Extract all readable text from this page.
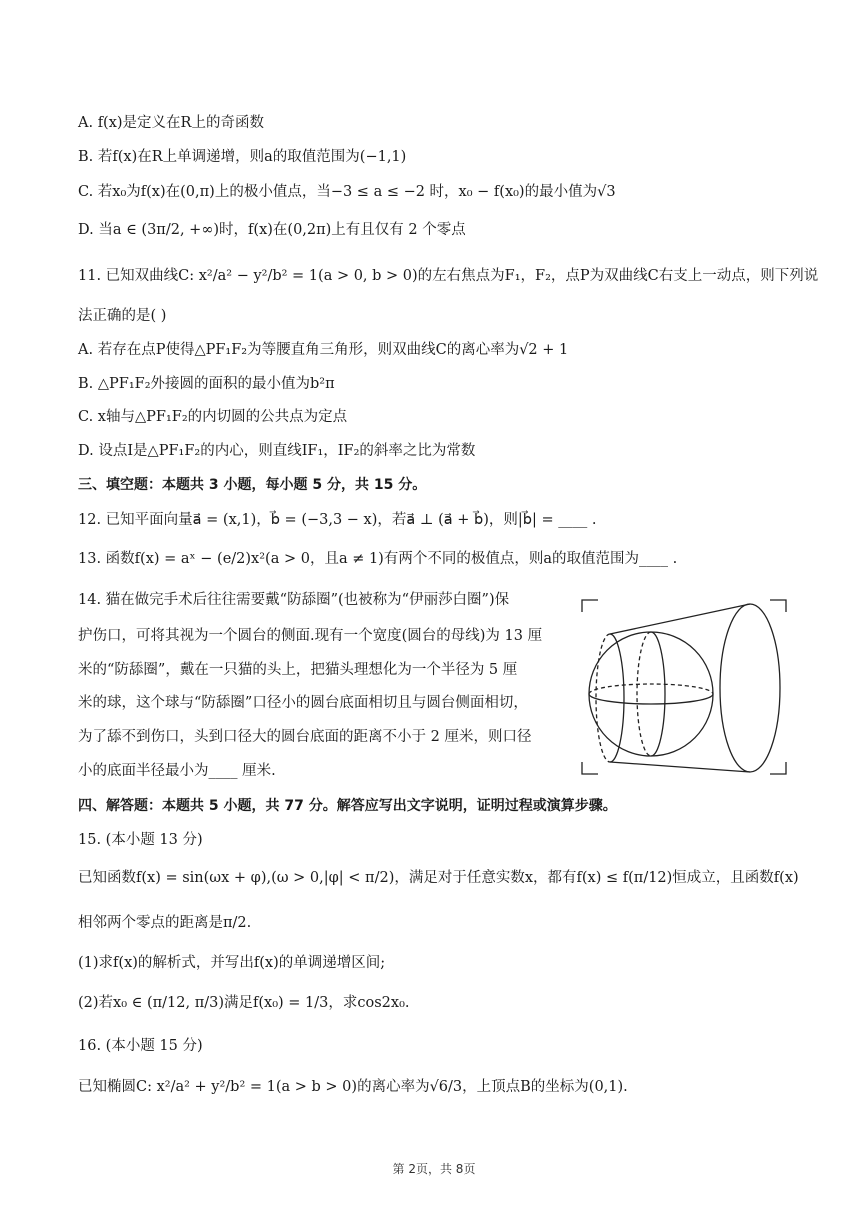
A. f(x)是定义在R上的奇函数
B. 若f(x)在R上单调递增，则a的取值范围为(−1,1)
C. 若x₀为f(x)在(0,π)上的极小值点，当−3 ≤ a ≤ −2 时，x₀ − f(x₀)的最小值为√3
D. 当a ∈ (3π/2, +∞)时，f(x)在(0,2π)上有且仅有 2 个零点
11. 已知双曲线C: x²/a² − y²/b² = 1(a > 0, b > 0)的左右焦点为F₁，F₂，点P为双曲线C右支上一动点，则下列说
法正确的是( )
A. 若存在点P使得△PF₁F₂为等腰直角三角形，则双曲线C的离心率为√2 + 1
B. △PF₁F₂外接圆的面积的最小值为b²π
C. x轴与△PF₁F₂的内切圆的公共点为定点
D. 设点I是△PF₁F₂的内心，则直线IF₁，IF₂的斜率之比为常数
三、填空题：本题共 3 小题，每小题 5 分，共 15 分。
12. 已知平面向量a⃗ = (x,1)，b⃗ = (−3,3 − x)，若a⃗ ⊥ (a⃗ + b⃗)，则|b⃗| = ____ .
13. 函数f(x) = aˣ − (e/2)x²(a > 0，且a ≠ 1)有两个不同的极值点，则a的取值范围为____ .
14. 猫在做完手术后往往需要戴“防舔圈”(也被称为“伊丽莎白圈”)保
护伤口，可将其视为一个圆台的侧面.现有一个宽度(圆台的母线)为 13 厘
米的“防舔圈”，戴在一只猫的头上，把猫头理想化为一个半径为 5 厘
米的球，这个球与“防舔圈”口径小的圆台底面相切且与圆台侧面相切，
为了舔不到伤口，头到口径大的圆台底面的距离不小于 2 厘米，则口径
小的底面半径最小为____ 厘米.
四、解答题：本题共 5 小题，共 77 分。解答应写出文字说明，证明过程或演算步骤。
15. (本小题 13 分)
已知函数f(x) = sin(ωx + φ),(ω > 0,|φ| < π/2)，满足对于任意实数x，都有f(x) ≤ f(π/12)恒成立，且函数f(x)
相邻两个零点的距离是π/2.
(1)求f(x)的解析式，并写出f(x)的单调递增区间;
(2)若x₀ ∈ (π/12, π/3)满足f(x₀) = 1/3，求cos2x₀.
16. (本小题 15 分)
已知椭圆C: x²/a² + y²/b² = 1(a > b > 0)的离心率为√6/3，上顶点B的坐标为(0,1).
第 2页，共 8页
